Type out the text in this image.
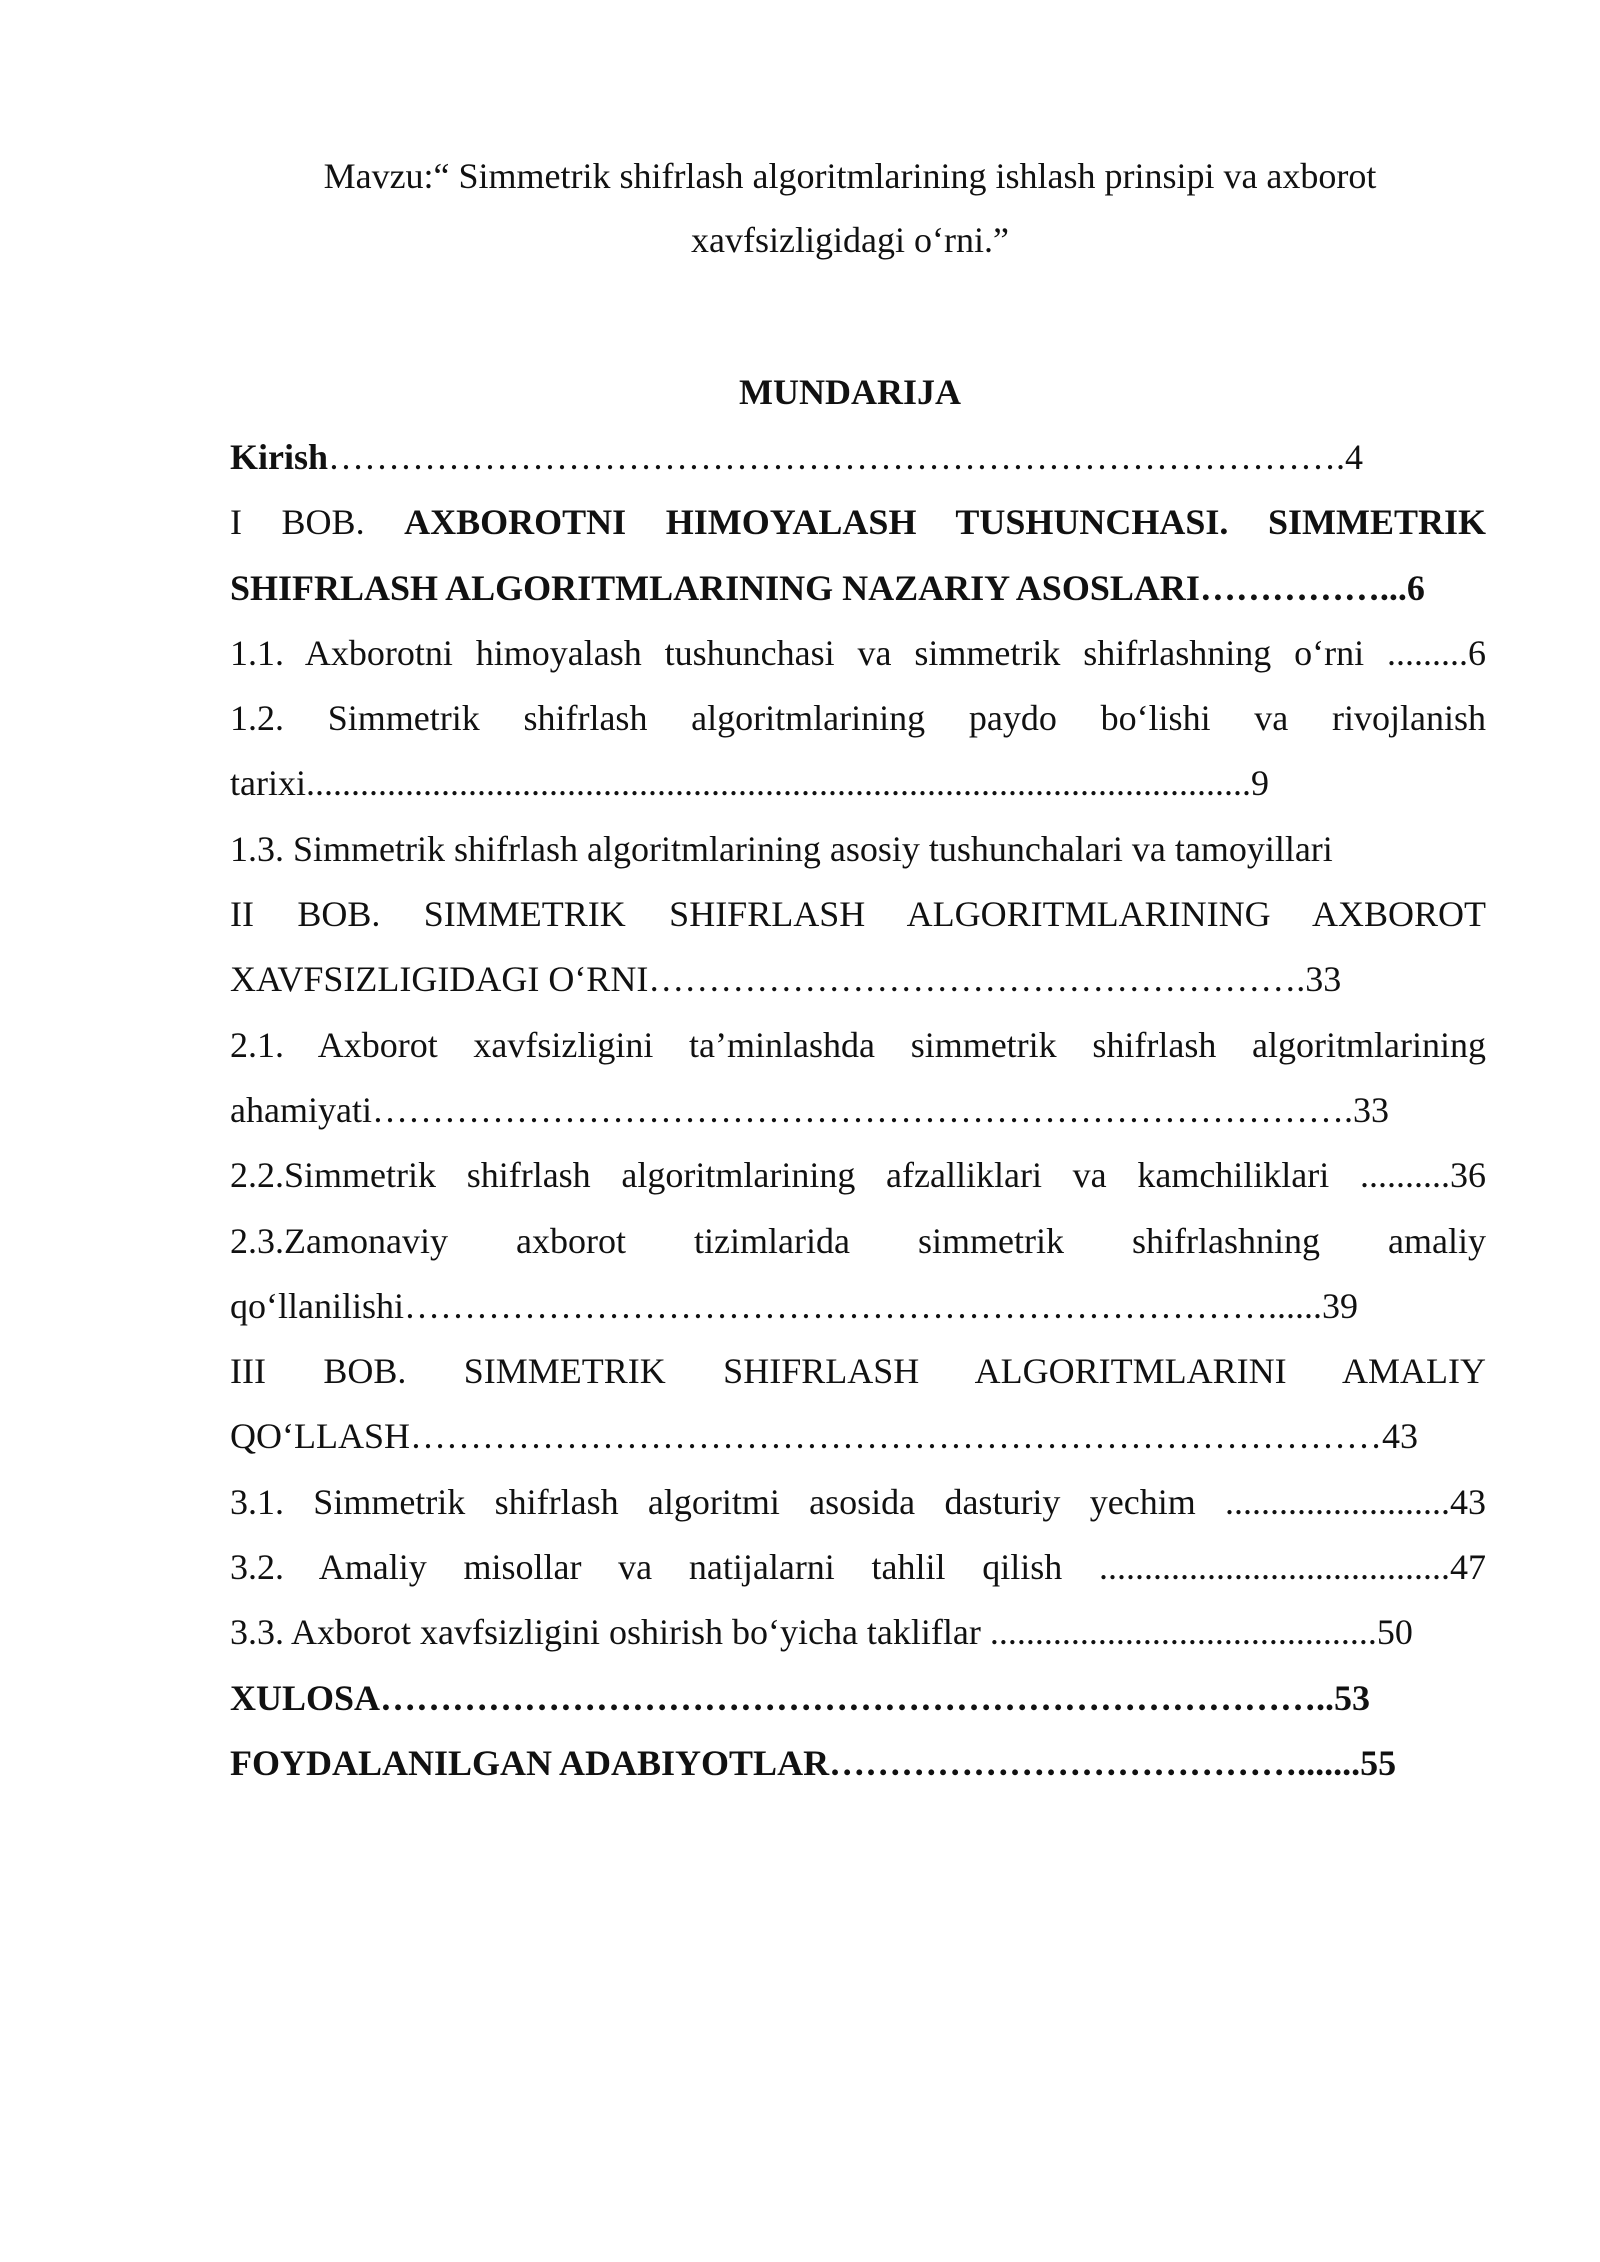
Mavzu:“ Simmetrik shifrlash algoritmlarining ishlash prinsipi va axborot
xavfsizligidagi o‘rni.”
MUNDARIJA
Kirish………………………………………………………………………….4
I BOB. AXBOROTNI HIMOYALASH TUSHUNCHASI. SIMMETRIK
SHIFRLASH ALGORITMLARINING NAZARIY ASOSLARI……………...6
1.1. Axborotni himoyalash tushunchasi va simmetrik shifrlashning o‘rni .........6
1.2. Simmetrik shifrlash algoritmlarining paydo bo‘lishi va rivojlanish
tarixi.........................................................................................................9
1.3. Simmetrik shifrlash algoritmlarining asosiy tushunchalari va tamoyillari
II BOB. SIMMETRIK SHIFRLASH ALGORITMLARINING AXBOROT
XAVFSIZLIGIDAGI O‘RNI……………………………………………….33
2.1. Axborot xavfsizligini ta’minlashda simmetrik shifrlash algoritmlarining
ahamiyati……………………………………………………………………….33
2.2.Simmetrik shifrlash algoritmlarining afzalliklari va kamchiliklari ..........36
2.3.Zamonaviy axborot tizimlarida simmetrik shifrlashning amaliy
qo‘llanilishi………………………………………………………………......39
III BOB. SIMMETRIK SHIFRLASH ALGORITMLARINI AMALIY
QO‘LLASH………………………………………………………………………43
3.1. Simmetrik shifrlash algoritmi asosida dasturiy yechim .........................43
3.2. Amaliy misollar va natijalarni tahlil qilish .......................................47
3.3. Axborot xavfsizligini oshirish bo‘yicha takliflar ...........................................50
XULOSA……………………………………………………………………..53
FOYDALANILGAN ADABIYOTLAR………………………………….......55
